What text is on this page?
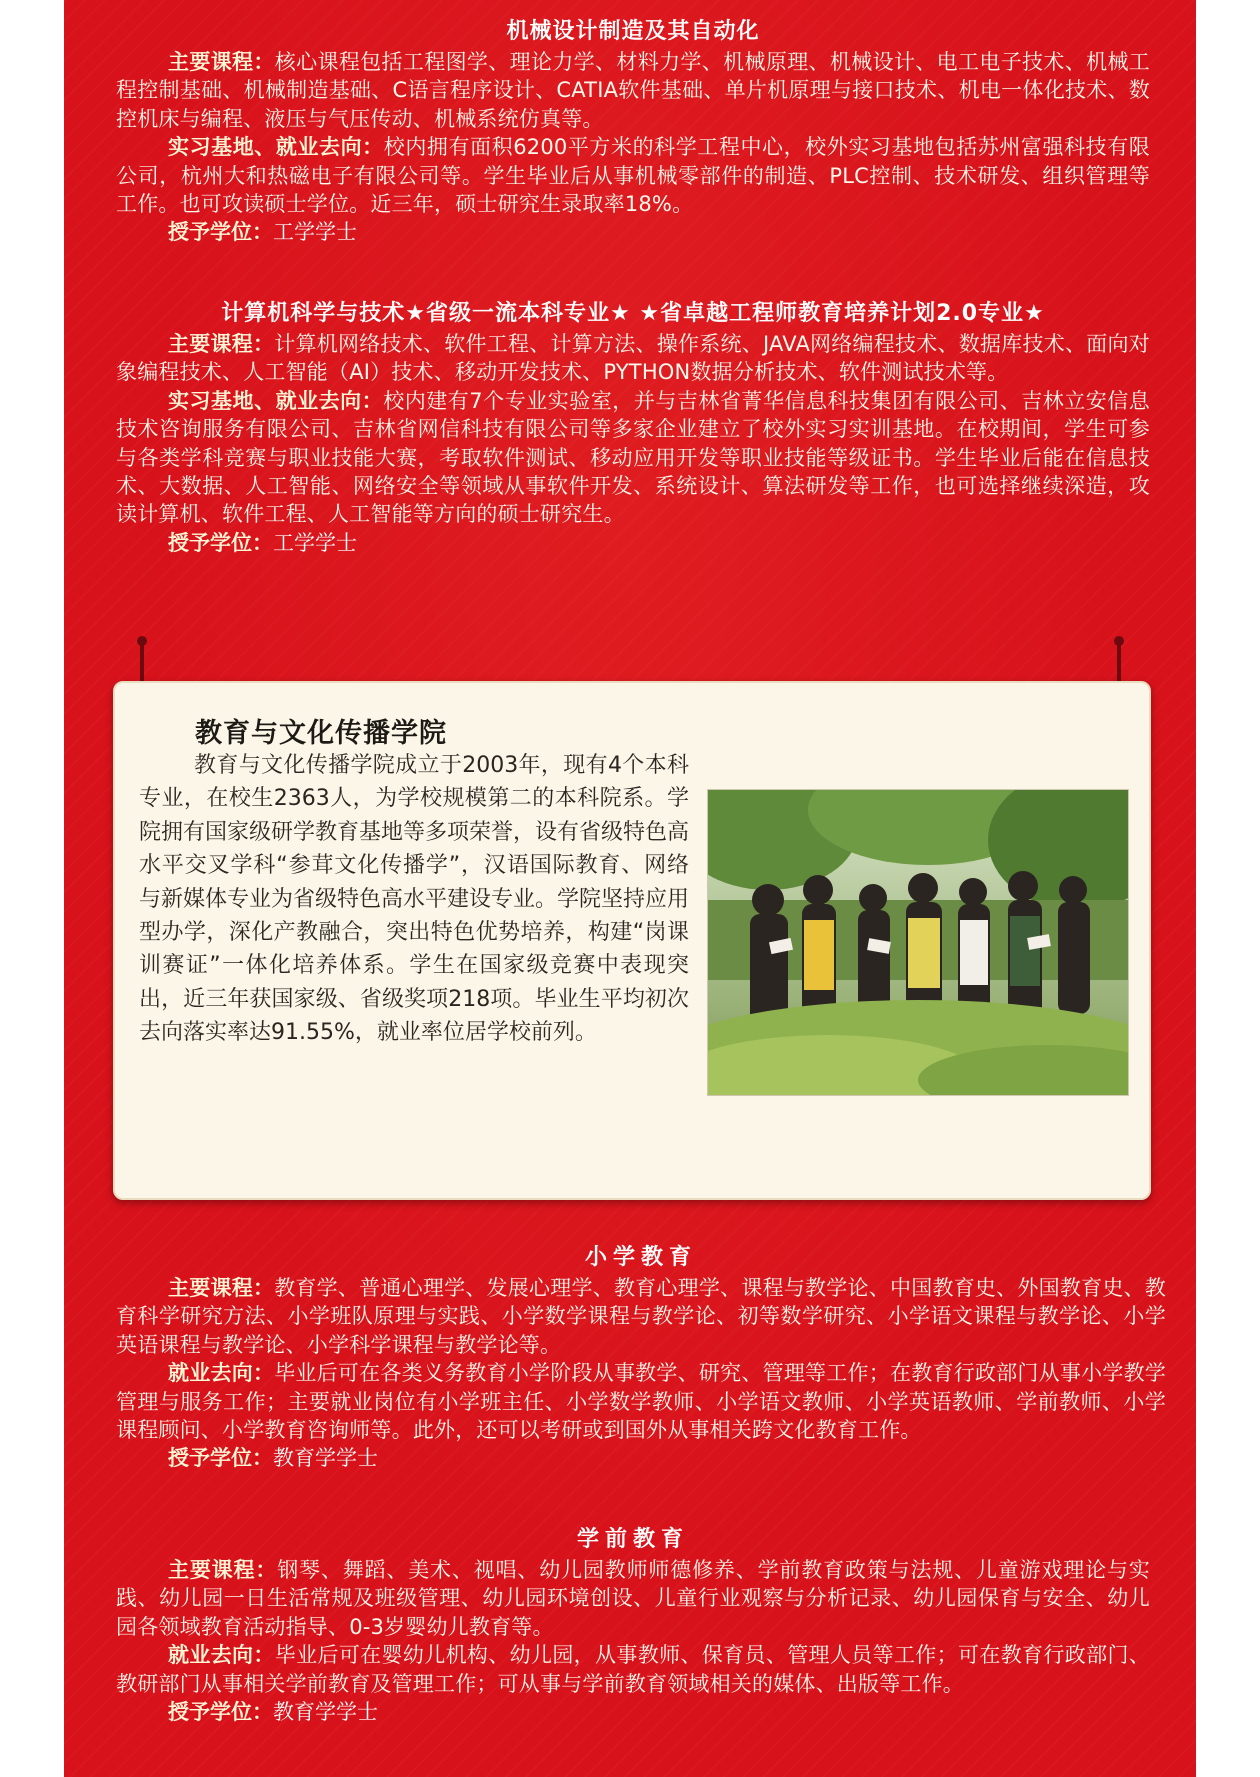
机械设计制造及其自动化

主要课程：核心课程包括工程图学、理论力学、材料力学、机械原理、机械设计、电工电子技术、机械工程控制基础、机械制造基础、C语言程序设计、CATIA软件基础、单片机原理与接口技术、机电一体化技术、数控机床与编程、液压与气压传动、机械系统仿真等。

实习基地、就业去向：校内拥有面积6200平方米的科学工程中心，校外实习基地包括苏州富强科技有限公司，杭州大和热磁电子有限公司等。学生毕业后从事机械零部件的制造、PLC控制、技术研发、组织管理等工作。也可攻读硕士学位。近三年，硕士研究生录取率18%。

授予学位：工学学士

计算机科学与技术★省级一流本科专业★ ★省卓越工程师教育培养计划2.0专业★

主要课程：计算机网络技术、软件工程、计算方法、操作系统、JAVA网络编程技术、数据库技术、面向对象编程技术、人工智能（AI）技术、移动开发技术、PYTHON数据分析技术、软件测试技术等。

实习基地、就业去向：校内建有7个专业实验室，并与吉林省菁华信息科技集团有限公司、吉林立安信息技术咨询服务有限公司、吉林省网信科技有限公司等多家企业建立了校外实习实训基地。在校期间，学生可参与各类学科竞赛与职业技能大赛，考取软件测试、移动应用开发等职业技能等级证书。学生毕业后能在信息技术、大数据、人工智能、网络安全等领域从事软件开发、系统设计、算法研发等工作，也可选择继续深造，攻读计算机、软件工程、人工智能等方向的硕士研究生。

授予学位：工学学士

教育与文化传播学院

教育与文化传播学院成立于2003年，现有4个本科专业，在校生2363人，为学校规模第二的本科院系。学院拥有国家级研学教育基地等多项荣誉，设有省级特色高水平交叉学科“参茸文化传播学”，汉语国际教育、网络与新媒体专业为省级特色高水平建设专业。学院坚持应用型办学，深化产教融合，突出特色优势培养，构建“岗课训赛证”一体化培养体系。学生在国家级竞赛中表现突出，近三年获国家级、省级奖项218项。毕业生平均初次去向落实率达91.55%，就业率位居学校前列。

小学教育

主要课程：教育学、普通心理学、发展心理学、教育心理学、课程与教学论、中国教育史、外国教育史、教育科学研究方法、小学班队原理与实践、小学数学课程与教学论、初等数学研究、小学语文课程与教学论、小学英语课程与教学论、小学科学课程与教学论等。

就业去向：毕业后可在各类义务教育小学阶段从事教学、研究、管理等工作；在教育行政部门从事小学教学管理与服务工作；主要就业岗位有小学班主任、小学数学教师、小学语文教师、小学英语教师、学前教师、小学课程顾问、小学教育咨询师等。此外，还可以考研或到国外从事相关跨文化教育工作。

授予学位：教育学学士

学前教育

主要课程：钢琴、舞蹈、美术、视唱、幼儿园教师师德修养、学前教育政策与法规、儿童游戏理论与实践、幼儿园一日生活常规及班级管理、幼儿园环境创设、儿童行业观察与分析记录、幼儿园保育与安全、幼儿园各领域教育活动指导、0-3岁婴幼儿教育等。

就业去向：毕业后可在婴幼儿机构、幼儿园，从事教师、保育员、管理人员等工作；可在教育行政部门、教研部门从事相关学前教育及管理工作；可从事与学前教育领域相关的媒体、出版等工作。

授予学位：教育学学士
